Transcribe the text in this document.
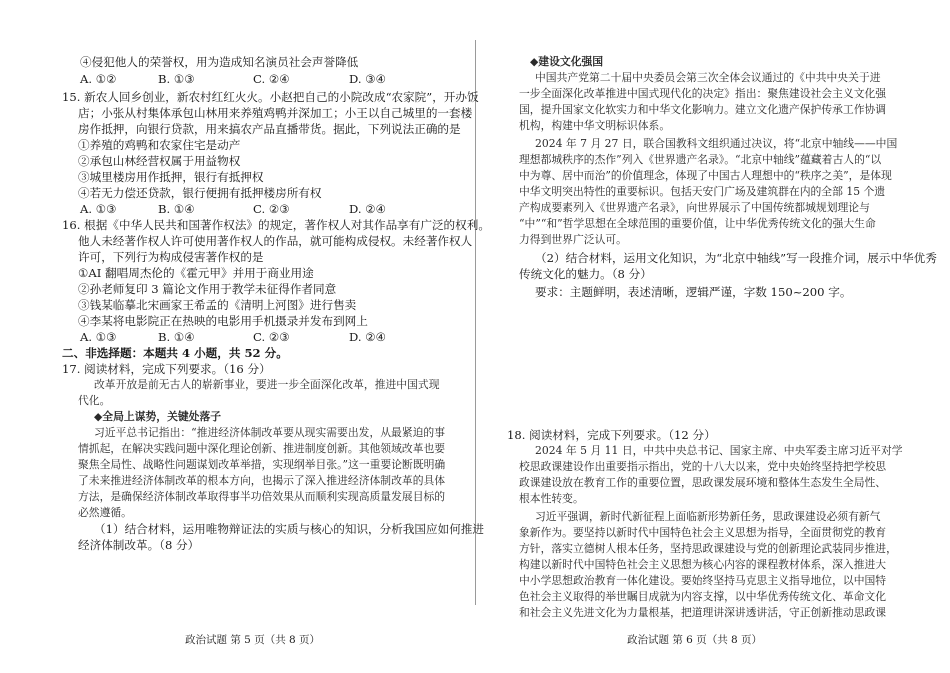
④侵犯他人的荣誉权，用为造成知名演员社会声誉降低
A. ①②	B. ①③	C. ②④	D. ③④
15. 新农人回乡创业，新农村红红火火。小赵把自己的小院改成“农家院”，开办饭
店；小张从村集体承包山林用来养殖鸡鸭并深加工；小王以自己城里的一套楼
房作抵押，向银行贷款，用来搞农产品直播带货。据此，下列说法正确的是
①养殖的鸡鸭和农家住宅是动产
②承包山林经营权属于用益物权
③城里楼房用作抵押，银行有抵押权
④若无力偿还贷款，银行便拥有抵押楼房所有权
A. ①③	B. ①④	C. ②③	D. ②④
16. 根据《中华人民共和国著作权法》的规定，著作权人对其作品享有广泛的权利。
他人未经著作权人许可使用著作权人的作品，就可能构成侵权。未经著作权人
许可，下列行为构成侵害著作权的是
①AI 翻唱周杰伦的《霍元甲》并用于商业用途
②孙老师复印 3 篇论文作用于教学未征得作者同意
③钱某临摹北宋画家王希孟的《清明上河图》进行售卖
④李某将电影院正在热映的电影用手机摄录并发布到网上
A. ①③	B. ①④	C. ②③	D. ②④
二、非选择题：本题共 4 小题，共 52 分。
17. 阅读材料，完成下列要求。（16 分）
改革开放是前无古人的崭新事业，要进一步全面深化改革，推进中国式现
代化。
◆全局上谋势，关键处落子
习近平总书记指出：“推进经济体制改革要从现实需要出发，从最紧迫的事
情抓起，在解决实践问题中深化理论创新、推进制度创新。其他领域改革也要
聚焦全局性、战略性问题谋划改革举措，实现纲举目张。”这一重要论断既明确
了未来推进经济体制改革的根本方向，也揭示了深入推进经济体制改革的具体
方法，是确保经济体制改革取得事半功倍效果从而顺利实现高质量发展目标的
必然遵循。
（1）结合材料，运用唯物辩证法的实质与核心的知识，分析我国应如何推进
经济体制改革。（8 分）
政治试题 第 5 页（共 8 页）
◆建设文化强国
中国共产党第二十届中央委员会第三次全体会议通过的《中共中央关于进
一步全面深化改革推进中国式现代化的决定》指出：聚焦建设社会主义文化强
国，提升国家文化软实力和中华文化影响力。建立文化遗产保护传承工作协调
机构，构建中华文明标识体系。
2024 年 7 月 27 日，联合国教科文组织通过决议，将“北京中轴线——中国
理想都城秩序的杰作”列入《世界遗产名录》。“北京中轴线”蕴藏着古人的“以
中为尊、居中而治”的价值理念，体现了中国古人理想中的“秩序之美”，是体现
中华文明突出特性的重要标识。包括天安门广场及建筑群在内的全部 15 个遗
产构成要素列入《世界遗产名录》，向世界展示了中国传统都城规划理论与
“中”“和”哲学思想在全球范围的重要价值，让中华优秀传统文化的强大生命
力得到世界广泛认可。
（2）结合材料，运用文化知识，为“北京中轴线”写一段推介词，展示中华优秀
传统文化的魅力。（8 分）
要求：主题鲜明，表述清晰，逻辑严谨，字数 150~200 字。
18. 阅读材料，完成下列要求。（12 分）
2024 年 5 月 11 日，中共中央总书记、国家主席、中央军委主席习近平对学
校思政课建设作出重要指示指出，党的十八大以来，党中央始终坚持把学校思
政课建设放在教育工作的重要位置，思政课发展环境和整体生态发生全局性、
根本性转变。
习近平强调，新时代新征程上面临新形势新任务，思政课建设必须有新气
象新作为。要坚持以新时代中国特色社会主义思想为指导，全面贯彻党的教育
方针，落实立德树人根本任务，坚持思政课建设与党的创新理论武装同步推进，
构建以新时代中国特色社会主义思想为核心内容的课程教材体系，深入推进大
中小学思想政治教育一体化建设。要始终坚持马克思主义指导地位，以中国特
色社会主义取得的举世瞩目成就为内容支撑，以中华优秀传统文化、革命文化
和社会主义先进文化为力量根基，把道理讲深讲透讲活，守正创新推动思政课
政治试题 第 6 页（共 8 页）
